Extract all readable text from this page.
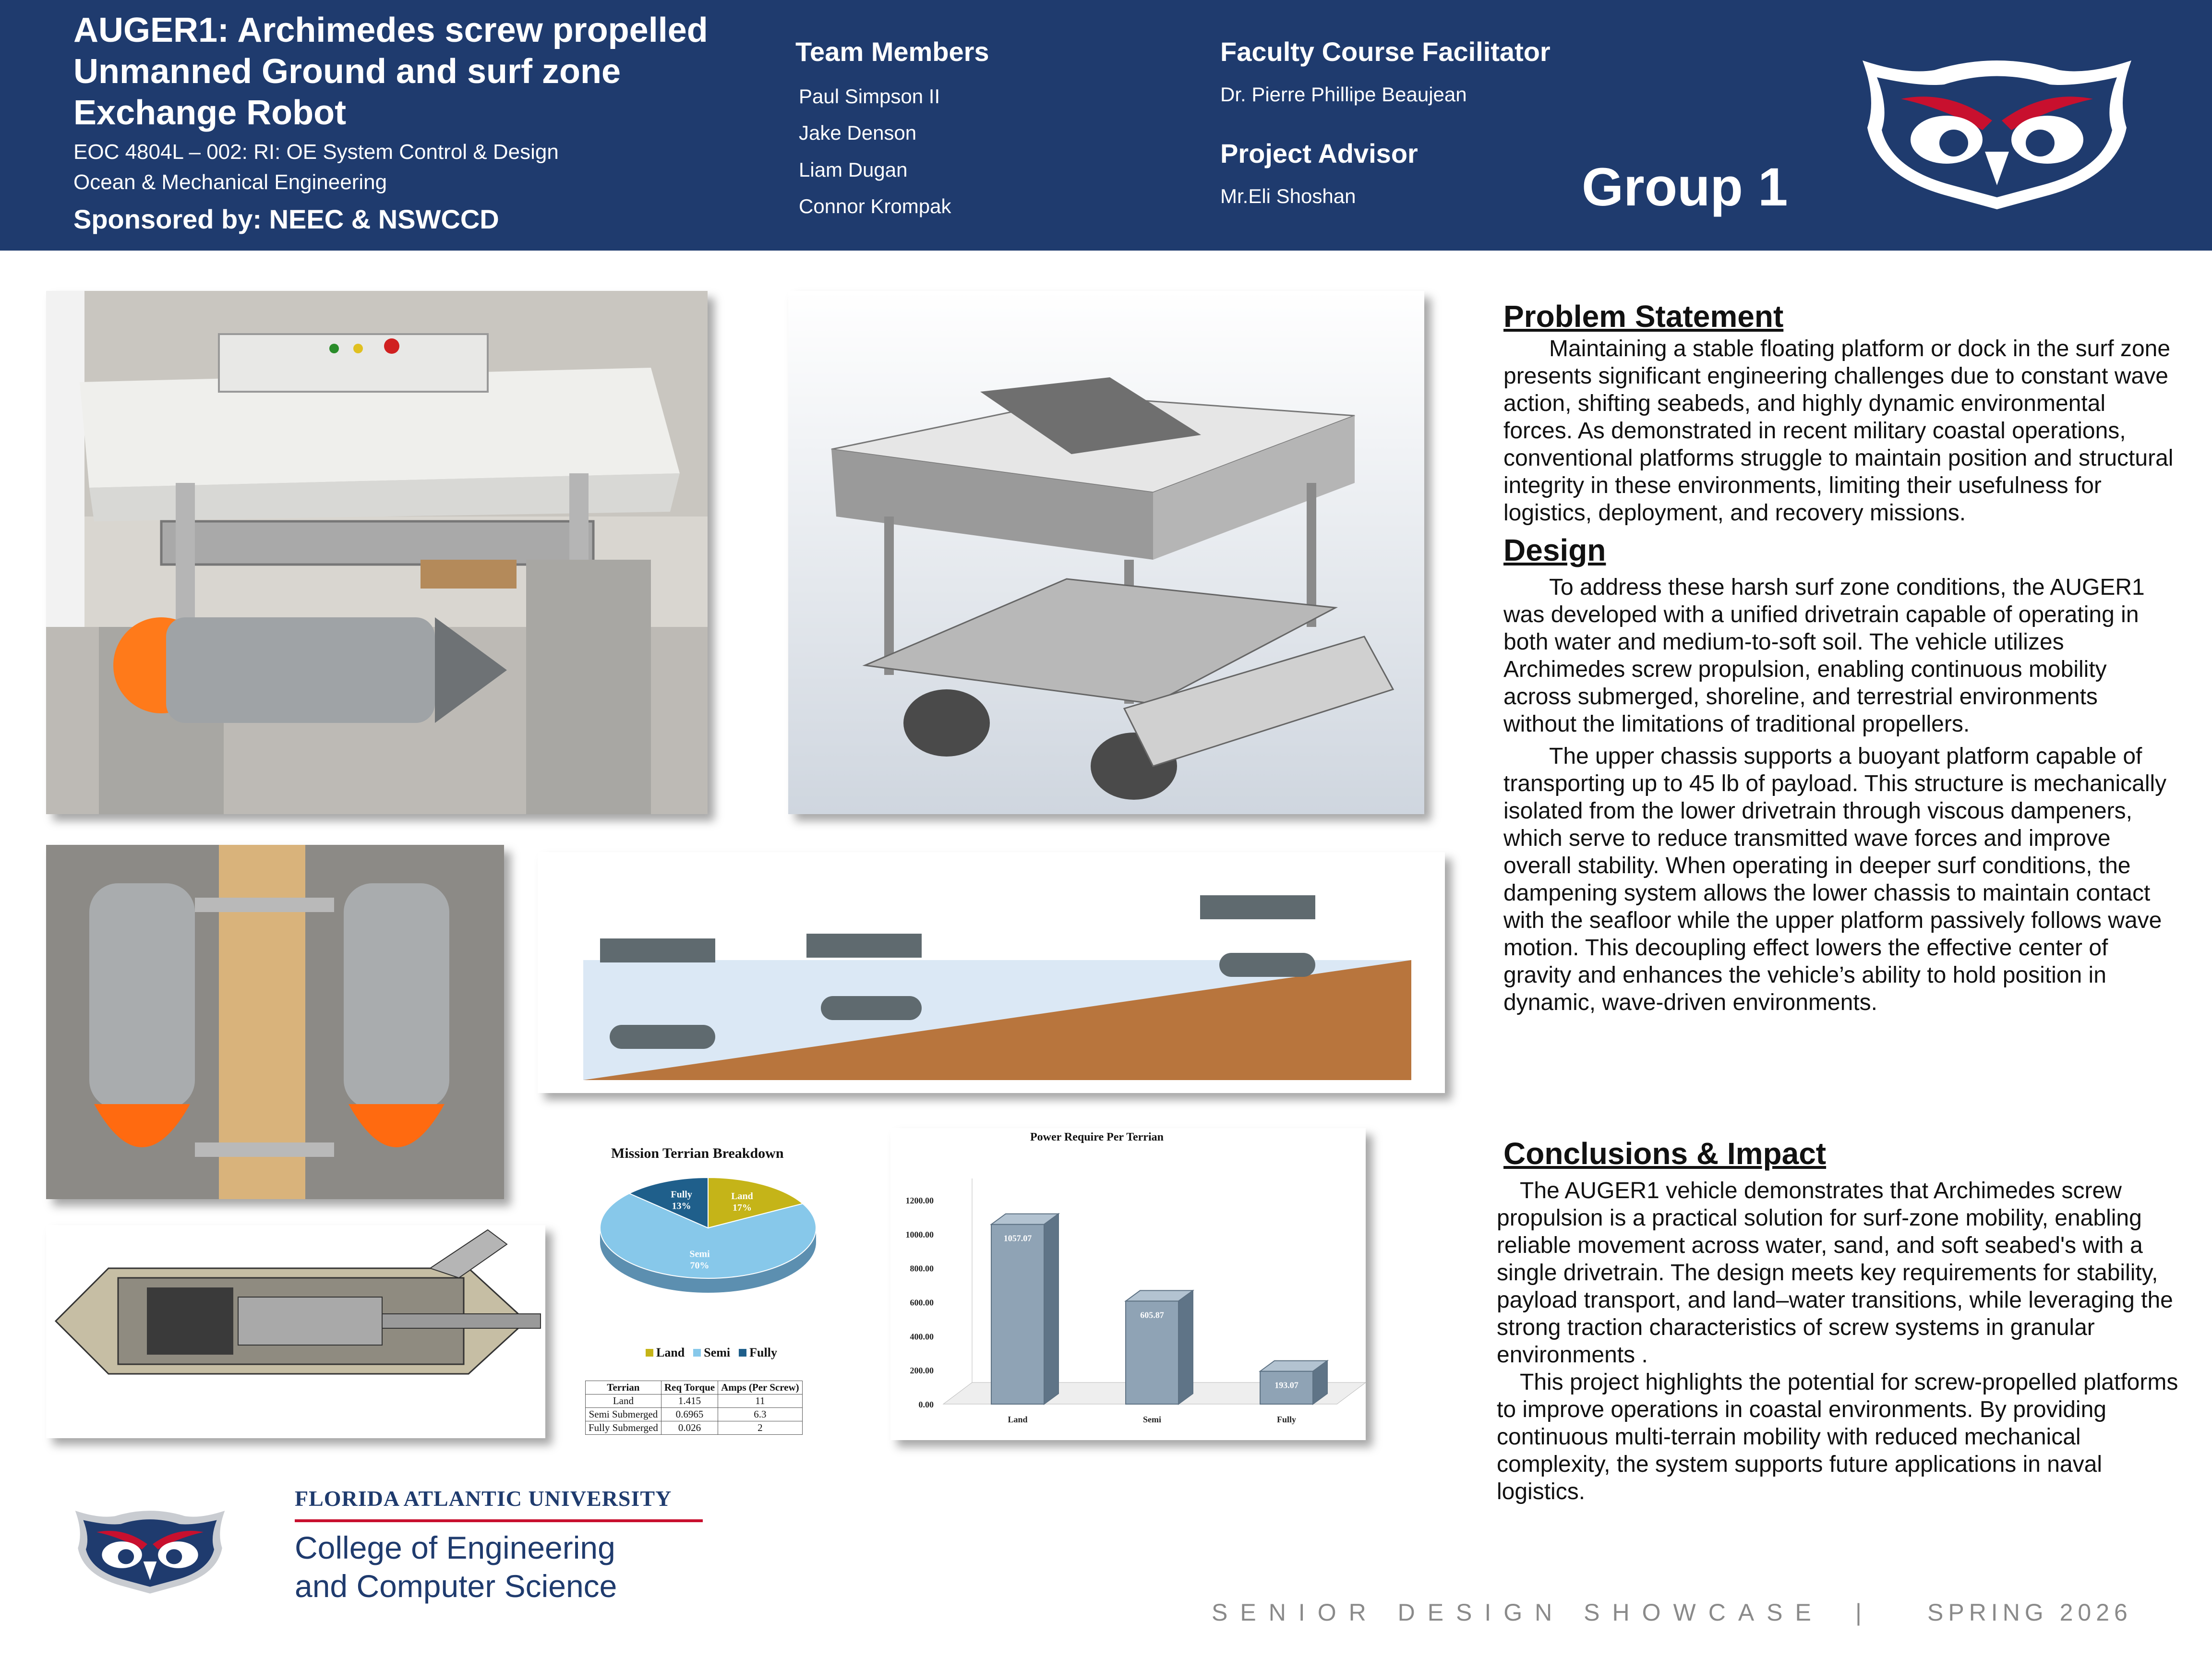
AUGER1: Archimedes screw propelled Unmanned Ground and surf zone Exchange Robot
EOC 4804L – 002: RI: OE System Control & Design
Ocean & Mechanical Engineering
Sponsored by: NEEC & NSWCCD
Team Members
Paul Simpson II
Jake Denson
Liam Dugan
Connor Krompak
Faculty Course Facilitator
Dr. Pierre Phillipe Beaujean
Project Advisor
Mr.Eli Shoshan	Group 1
Mission Terrian Breakdown
Land
17%
Semi
70%
Fully
13%
Land Semi Fully
Terrian	Req Torque	Amps (Per Screw)
Land	1.415	11
Semi Submerged	0.6965	6.3
Fully Submerged	0.026	2
Power Require Per Terrian
0.00
200.00
400.00
600.00
800.00
1000.00
1200.00
1057.07
Land
605.87
Semi
193.07
Fully
Problem Statement

Maintaining a stable floating platform or dock in the surf zone presents significant engineering challenges due to constant wave action, shifting seabeds, and highly dynamic environmental forces. As demonstrated in recent military coastal operations, conventional platforms struggle to maintain position and structural integrity in these environments, limiting their usefulness for logistics, deployment, and recovery missions.

Design

To address these harsh surf zone conditions, the AUGER1 was developed with a unified drivetrain capable of operating in both water and medium-to-soft soil. The vehicle utilizes Archimedes screw propulsion, enabling continuous mobility across submerged, shoreline, and terrestrial environments without the limitations of traditional propellers.

The upper chassis supports a buoyant platform capable of transporting up to 45 lb of payload. This structure is mechanically isolated from the lower drivetrain through viscous dampeners, which serve to reduce transmitted wave forces and improve overall stability. When operating in deeper surf conditions, the dampening system allows the lower chassis to maintain contact with the seafloor while the upper platform passively follows wave motion. This decoupling effect lowers the effective center of gravity and enhances the vehicle’s ability to hold position in dynamic, wave-driven environments.

Conclusions & Impact

The AUGER1 vehicle demonstrates that Archimedes screw propulsion is a practical solution for surf-zone mobility, enabling reliable movement across water, sand, and soft seabed's with a single drivetrain. The design meets key requirements for stability, payload transport, and land–water transitions, while leveraging the strong traction characteristics of screw systems in granular environments .

This project highlights the potential for screw-propelled platforms to improve operations in coastal environments. By providing continuous multi-terrain mobility with reduced mechanical complexity, the system supports future applications in naval logistics.

FLORIDA ATLANTIC UNIVERSITY
College of Engineering
and Computer Science
SENIOR DESIGN SHOWCASE |	SPRING 2026
